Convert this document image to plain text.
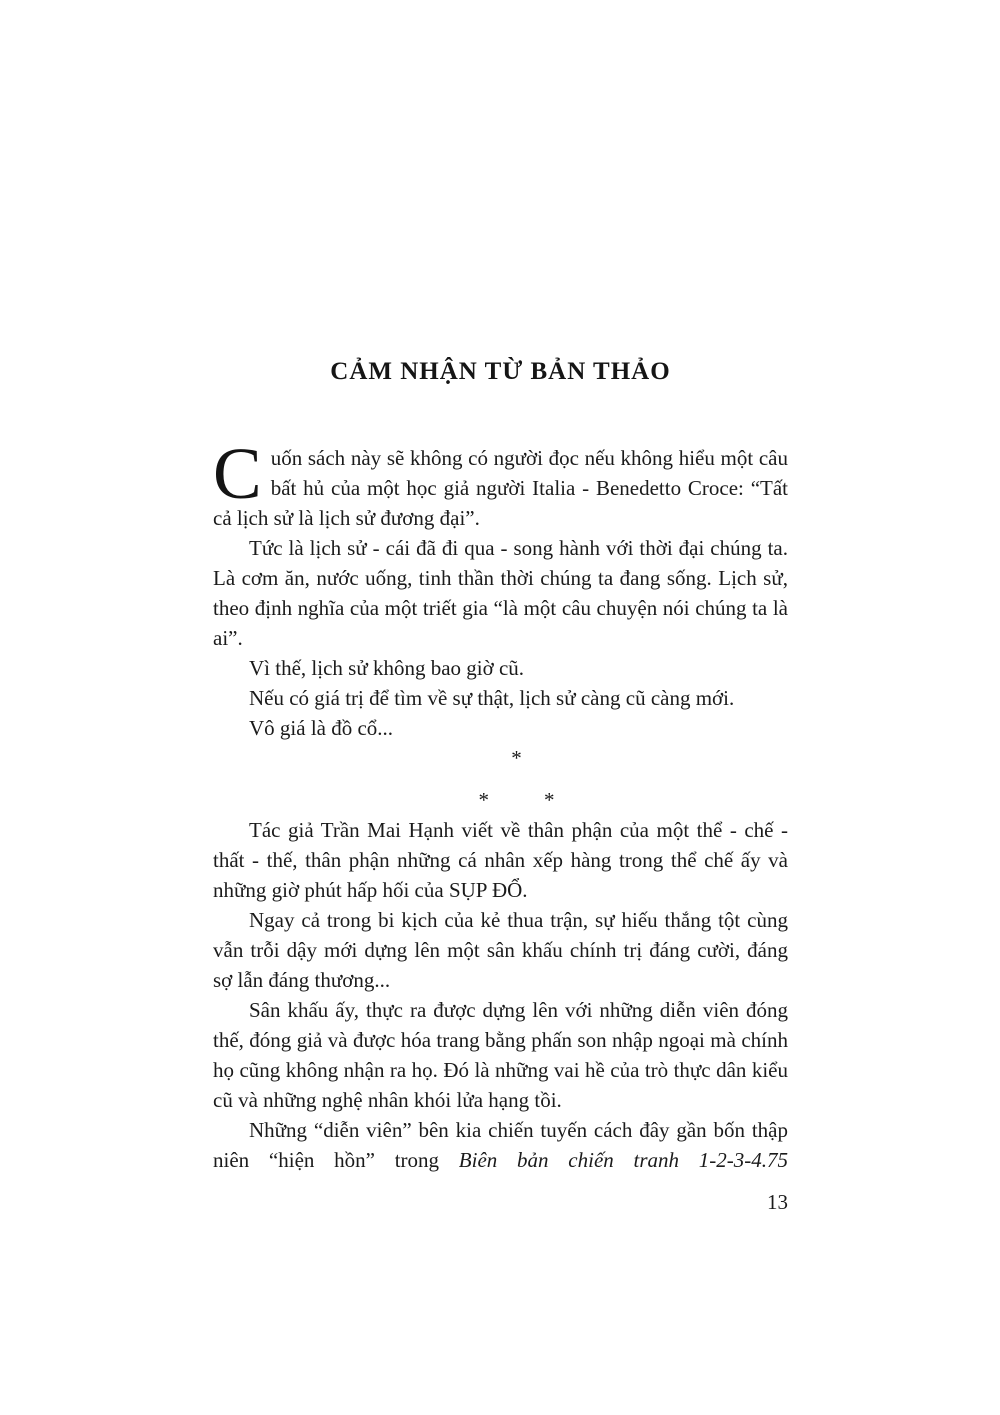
CẢM NHẬN TỪ BẢN THẢO

Cuốn sách này sẽ không có người đọc nếu không hiểu một câu bất hủ của một học giả người Italia - Benedetto Croce: “Tất cả lịch sử là lịch sử đương đại”.

Tức là lịch sử - cái đã đi qua - song hành với thời đại chúng ta. Là cơm ăn, nước uống, tinh thần thời chúng ta đang sống. Lịch sử, theo định nghĩa của một triết gia “là một câu chuyện nói chúng ta là ai”.

Vì thế, lịch sử không bao giờ cũ.

Nếu có giá trị để tìm về sự thật, lịch sử càng cũ càng mới.

Vô giá là đồ cổ...

*
*	*

Tác giả Trần Mai Hạnh viết về thân phận của một thể - chế - thất - thế, thân phận những cá nhân xếp hàng trong thể chế ấy và những giờ phút hấp hối của SỤP ĐỔ.

Ngay cả trong bi kịch của kẻ thua trận, sự hiếu thắng tột cùng vẫn trỗi dậy mới dựng lên một sân khấu chính trị đáng cười, đáng sợ lẫn đáng thương...

Sân khấu ấy, thực ra được dựng lên với những diễn viên đóng thế, đóng giả và được hóa trang bằng phấn son nhập ngoại mà chính họ cũng không nhận ra họ. Đó là những vai hề của trò thực dân kiểu cũ và những nghệ nhân khói lửa hạng tồi.

Những “diễn viên” bên kia chiến tuyến cách đây gần bốn thập niên “hiện hồn” trong Biên bản chiến tranh 1-2-3-4.75

13
